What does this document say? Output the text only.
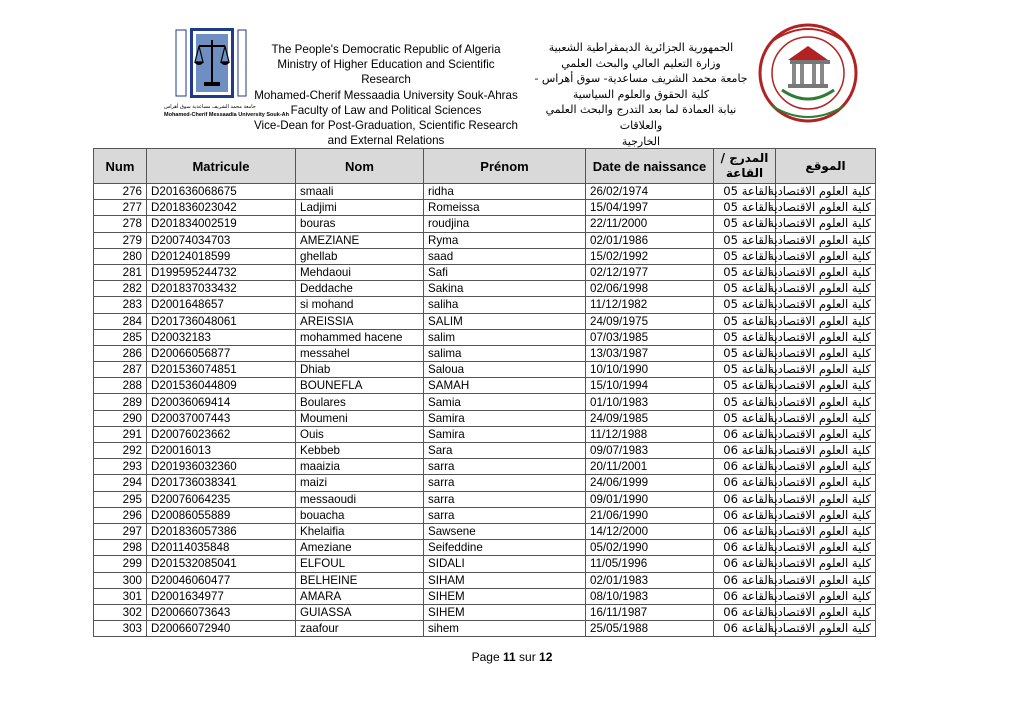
جامعة محمد الشريف مساعدية سوق أهراس
Mohamed-Cherif Messaadia University Souk-Ah
The People's Democratic Republic of Algeria
Ministry of Higher Education and Scientific Research
Mohamed-Cherif Messaadia University Souk-Ahras
Faculty of Law and Political Sciences
Vice-Dean for Post-Graduation, Scientific Research
and External Relations
الجمهورية الجزائرية الديمقراطية الشعبية
وزارة التعليم العالي والبحث العلمي
جامعة محمد الشريف مساعدية- سوق أهراس -
كلية الحقوق والعلوم السياسية
نيابة العمادة لما بعد التدرج والبحث العلمي والعلاقات
الخارجية
Num	Matricule	Nom	Prénom	Date de naissance	المدرج / القاعة	الموقع
276	D201636068675	smaali	ridha	26/02/1974	القاعة 05	كلية العلوم الاقتصادية
277	D201836023042	Ladjimi	Romeissa	15/04/1997	القاعة 05	كلية العلوم الاقتصادية
278	D201834002519	bouras	roudjina	22/11/2000	القاعة 05	كلية العلوم الاقتصادية
279	D20074034703	AMEZIANE	Ryma	02/01/1986	القاعة 05	كلية العلوم الاقتصادية
280	D20124018599	ghellab	saad	15/02/1992	القاعة 05	كلية العلوم الاقتصادية
281	D199595244732	Mehdaoui	Safi	02/12/1977	القاعة 05	كلية العلوم الاقتصادية
282	D201837033432	Deddache	Sakina	02/06/1998	القاعة 05	كلية العلوم الاقتصادية
283	D2001648657	si mohand	saliha	11/12/1982	القاعة 05	كلية العلوم الاقتصادية
284	D201736048061	AREISSIA	SALIM	24/09/1975	القاعة 05	كلية العلوم الاقتصادية
285	D20032183	mohammed hacene	salim	07/03/1985	القاعة 05	كلية العلوم الاقتصادية
286	D20066056877	messahel	salima	13/03/1987	القاعة 05	كلية العلوم الاقتصادية
287	D201536074851	Dhiab	Saloua	10/10/1990	القاعة 05	كلية العلوم الاقتصادية
288	D201536044809	BOUNEFLA	SAMAH	15/10/1994	القاعة 05	كلية العلوم الاقتصادية
289	D20036069414	Boulares	Samia	01/10/1983	القاعة 05	كلية العلوم الاقتصادية
290	D20037007443	Moumeni	Samira	24/09/1985	القاعة 05	كلية العلوم الاقتصادية
291	D20076023662	Ouis	Samira	11/12/1988	القاعة 06	كلية العلوم الاقتصادية
292	D20016013	Kebbeb	Sara	09/07/1983	القاعة 06	كلية العلوم الاقتصادية
293	D201936032360	maaizia	sarra	20/11/2001	القاعة 06	كلية العلوم الاقتصادية
294	D201736038341	maizi	sarra	24/06/1999	القاعة 06	كلية العلوم الاقتصادية
295	D20076064235	messaoudi	sarra	09/01/1990	القاعة 06	كلية العلوم الاقتصادية
296	D20086055889	bouacha	sarra	21/06/1990	القاعة 06	كلية العلوم الاقتصادية
297	D201836057386	Khelaifia	Sawsene	14/12/2000	القاعة 06	كلية العلوم الاقتصادية
298	D20114035848	Ameziane	Seifeddine	05/02/1990	القاعة 06	كلية العلوم الاقتصادية
299	D201532085041	ELFOUL	SIDALI	11/05/1996	القاعة 06	كلية العلوم الاقتصادية
300	D20046060477	BELHEINE	SIHAM	02/01/1983	القاعة 06	كلية العلوم الاقتصادية
301	D2001634977	AMARA	SIHEM	08/10/1983	القاعة 06	كلية العلوم الاقتصادية
302	D20066073643	GUIASSA	SIHEM	16/11/1987	القاعة 06	كلية العلوم الاقتصادية
303	D20066072940	zaafour	sihem	25/05/1988	القاعة 06	كلية العلوم الاقتصادية
Page 11 sur 12
